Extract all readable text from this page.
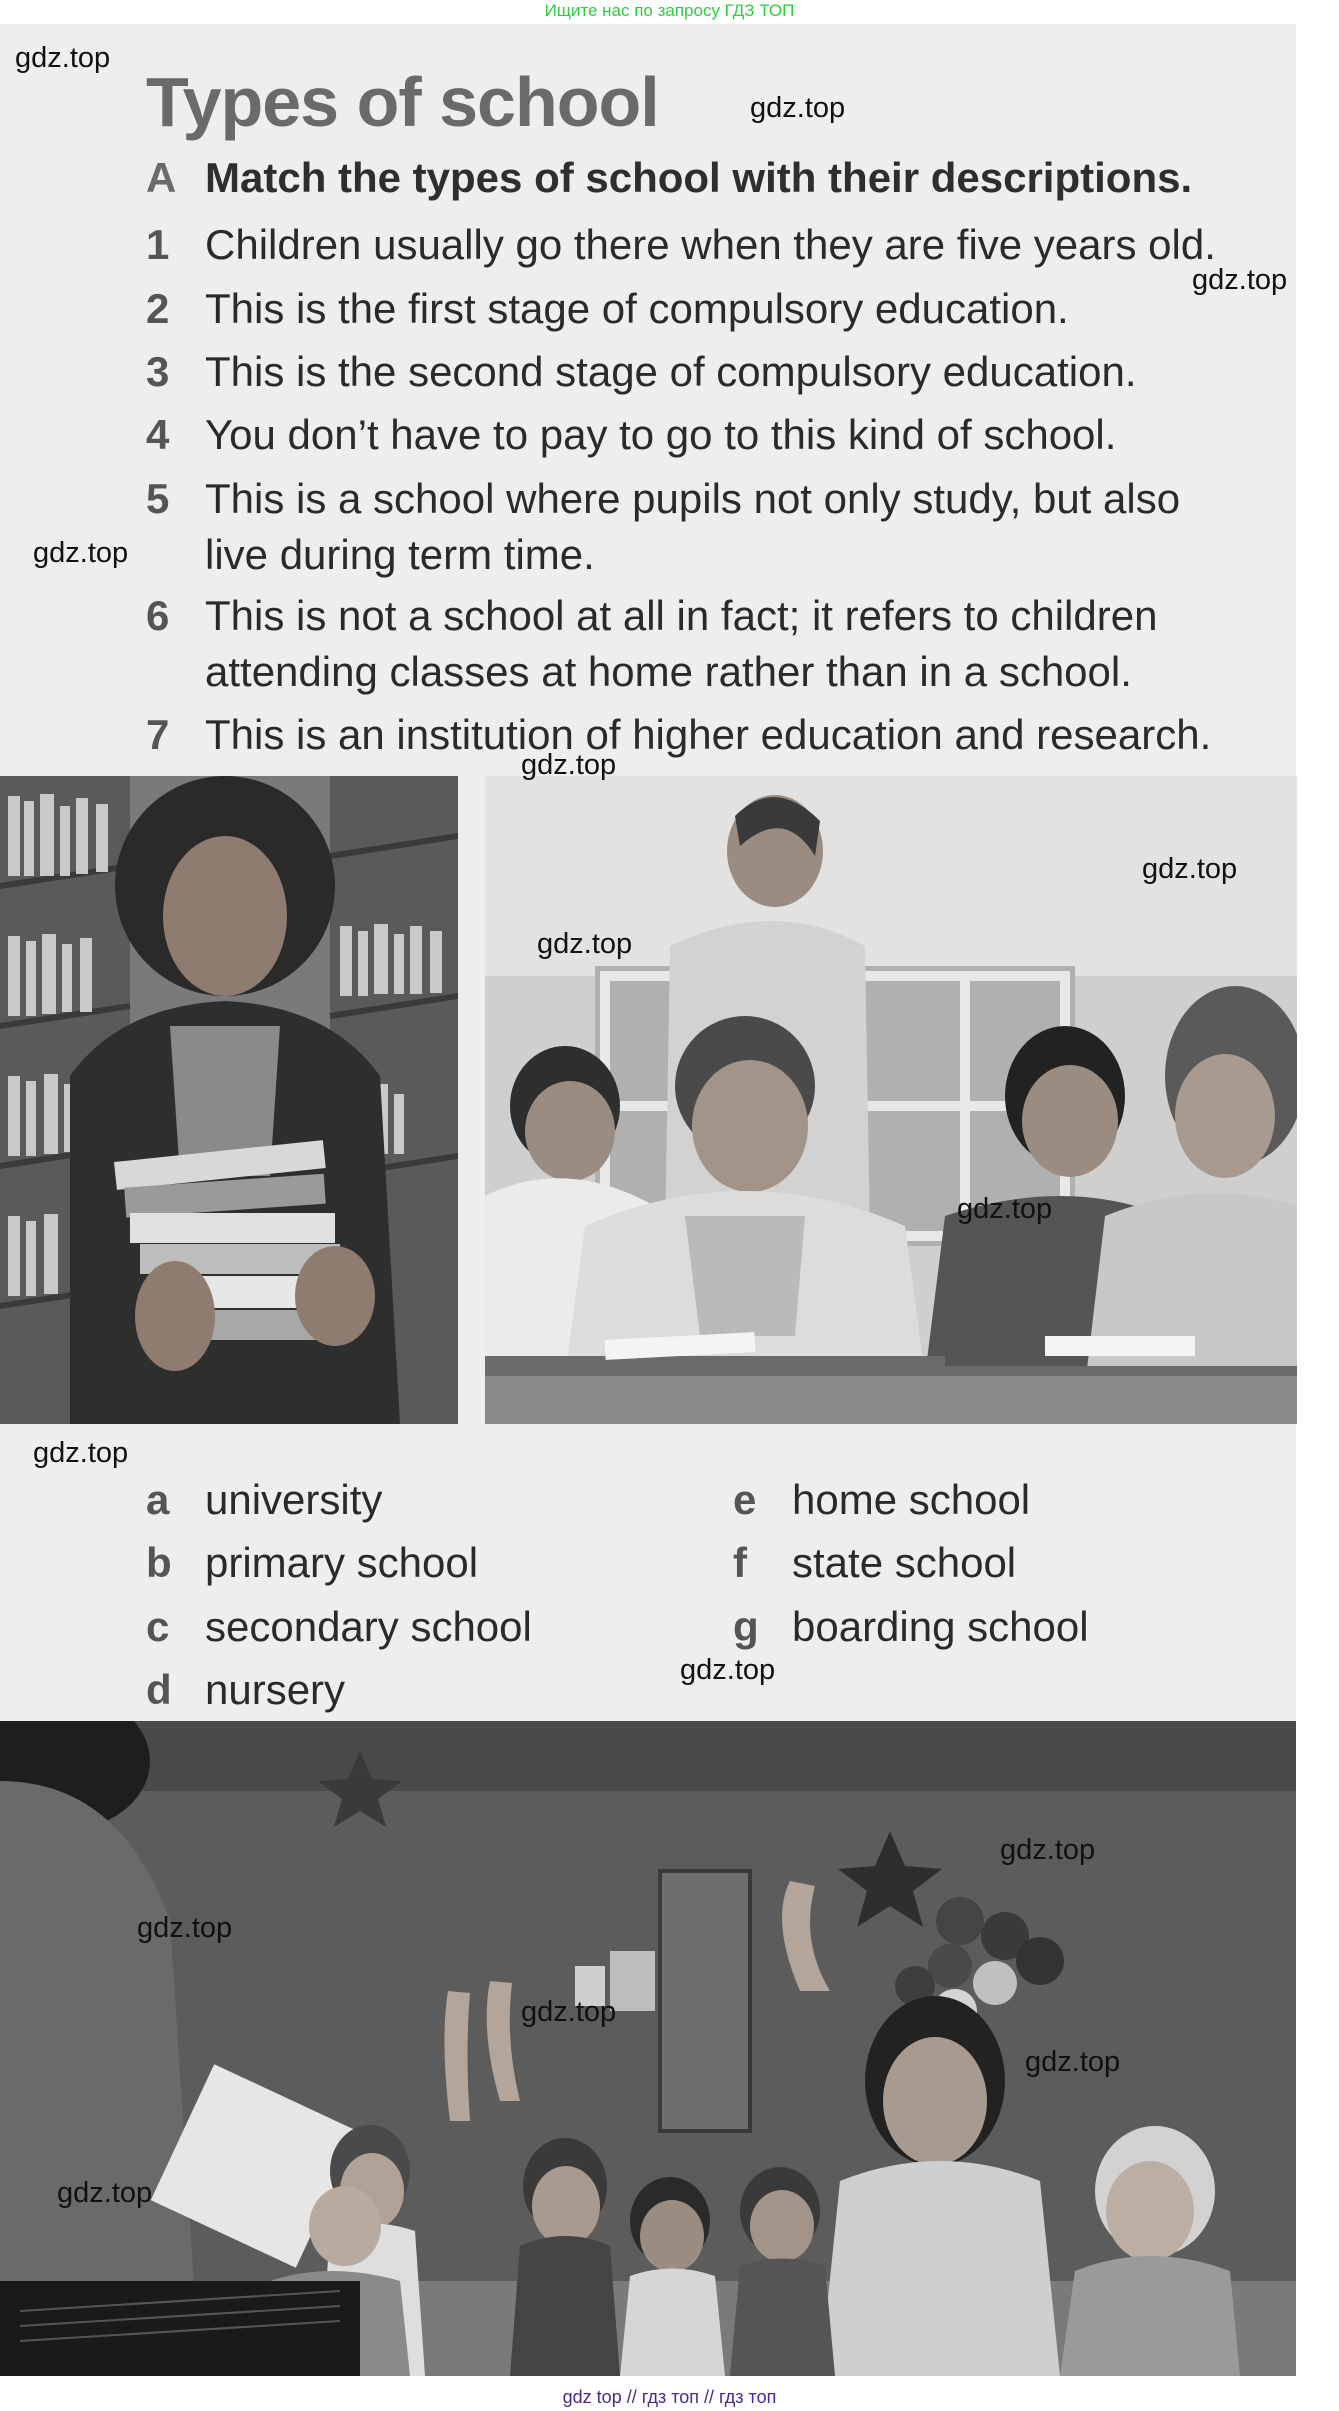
Ищите нас по запросу ГДЗ ТОП
Types of school
A Match the types of school with their descriptions.
1 Children usually go there when they are five years old.
2 This is the first stage of compulsory education.
3 This is the second stage of compulsory education.
4 You don’t have to pay to go to this kind of school.
5 This is a school where pupils not only study, but also live during term time.
6 This is not a school at all in fact; it refers to children attending classes at home rather than in a school.
7 This is an institution of higher education and research.
a university
b primary school
c secondary school
d nursery
e home school
f state school
g boarding school
gdz.top
gdz.top
gdz.top
gdz.top
gdz.top
gdz.top
gdz.top
gdz.top
gdz.top
gdz.top
gdz.top
gdz.top
gdz.top
gdz.top
gdz.top
gdz top // гдз топ // гдз топ
